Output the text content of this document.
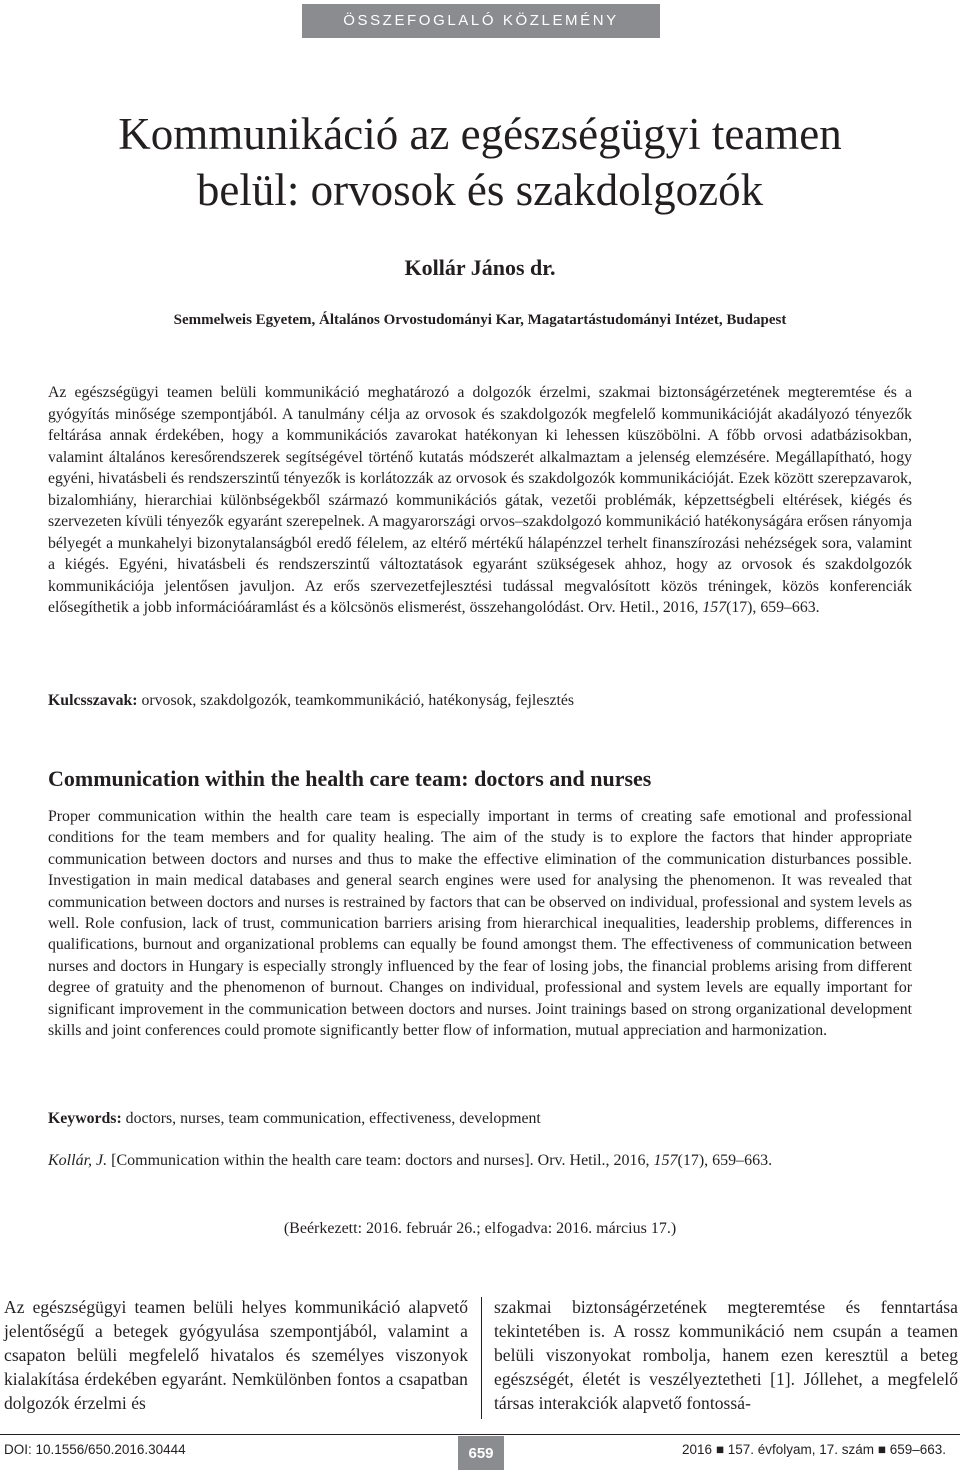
ÖSSZEFOGLALÓ KÖZLEMÉNY
Kommunikáció az egészségügyi teamen
belül: orvosok és szakdolgozók
Kollár János dr.
Semmelweis Egyetem, Általános Orvostudományi Kar, Magatartástudományi Intézet, Budapest

Az egészségügyi teamen belüli kommunikáció meghatározó a dolgozók érzelmi, szakmai biztonságérzetének megteremtése és a gyógyítás minősége szempontjából. A tanulmány célja az orvosok és szakdolgozók megfelelő kommunikációját akadályozó tényezők feltárása annak érdekében, hogy a kommunikációs zavarokat hatékonyan ki lehessen küszöbölni. A főbb orvosi adatbázisokban, valamint általános keresőrendszerek segítségével történő kutatás módszerét alkalmaztam a jelenség elemzésére. Megállapítható, hogy egyéni, hivatásbeli és rendszerszintű tényezők is korlátozzák az orvosok és szakdolgozók kommunikációját. Ezek között szerepzavarok, bizalomhiány, hierarchiai különbségekből származó kommunikációs gátak, vezetői problémák, képzettségbeli eltérések, kiégés és szervezeten kívüli tényezők egyaránt szerepelnek. A magyarországi orvos–szakdolgozó kommunikáció hatékonyságára erősen rányomja bélyegét a munkahelyi bizonytalanságból eredő félelem, az eltérő mértékű hálapénzzel terhelt finanszírozási nehézségek sora, valamint a kiégés. Egyéni, hivatásbeli és rendszerszintű változtatások egyaránt szükségesek ahhoz, hogy az orvosok és szakdolgozók kommunikációja jelentősen javuljon. Az erős szervezetfejlesztési tudással megvalósított közös tréningek, közös konferenciák elősegíthetik a jobb információáramlást és a kölcsönös elismerést, összehangolódást. Orv. Hetil., 2016, 157(17), 659–663.

Kulcsszavak: orvosok, szakdolgozók, teamkommunikáció, hatékonyság, fejlesztés

Communication within the health care team: doctors and nurses

Proper communication within the health care team is especially important in terms of creating safe emotional and professional conditions for the team members and for quality healing. The aim of the study is to explore the factors that hinder appropriate communication between doctors and nurses and thus to make the effective elimination of the communication disturbances possible. Investigation in main medical databases and general search engines were used for analysing the phenomenon. It was revealed that communication between doctors and nurses is restrained by factors that can be observed on individual, professional and system levels as well. Role confusion, lack of trust, communication barriers arising from hierarchical inequalities, leadership problems, differences in qualifications, burnout and organizational problems can equally be found amongst them. The effectiveness of communication between nurses and doctors in Hungary is especially strongly influenced by the fear of losing jobs, the financial problems arising from different degree of gratuity and the phenomenon of burnout. Changes on individual, professional and system levels are equally important for significant improvement in the communication between doctors and nurses. Joint trainings based on strong organizational development skills and joint conferences could promote significantly better flow of information, mutual appreciation and harmonization.

Keywords: doctors, nurses, team communication, effectiveness, development

Kollár, J. [Communication within the health care team: doctors and nurses]. Orv. Hetil., 2016, 157(17), 659–663.
(Beérkezett: 2016. február 26.; elfogadva: 2016. március 17.)

Az egészségügyi teamen belüli helyes kommunikáció alapvető jelentőségű a betegek gyógyulása szempontjából, valamint a csapaton belüli megfelelő hivatalos és személyes viszonyok kialakítása érdekében egyaránt. Nemkülönben fontos a csapatban dolgozók érzelmi és

szakmai biztonságérzetének megteremtése és fenntartása tekintetében is. A rossz kommunikáció nem csupán a teamen belüli viszonyokat rombolja, hanem ezen keresztül a beteg egészségét, életét is veszélyeztetheti [1]. Jóllehet, a megfelelő társas interakciók alapvető fontossá-

DOI: 10.1556/650.2016.30444	659	2016 ■ 157. évfolyam, 17. szám ■ 659–663.
